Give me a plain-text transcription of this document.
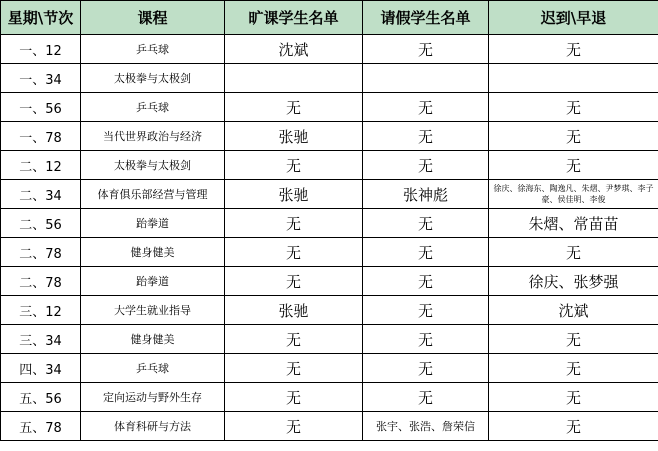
星期\节次	课程	旷课学生名单	请假学生名单	迟到\早退
一、12	乒乓球	沈斌	无	无
一、34	太极拳与太极剑			
一、56	乒乓球	无	无	无
一、78	当代世界政治与经济	张驰	无	无
二、12	太极拳与太极剑	无	无	无
二、34	体育俱乐部经营与管理	张驰	张神彪	徐庆、徐海东、陶逸凡、朱熠、尹梦琪、李子豪、侯佳明、李俊
二、56	跆拳道	无	无	朱熠、常苗苗
二、78	健身健美	无	无	无
二、78	跆拳道	无	无	徐庆、张梦强
三、12	大学生就业指导	张驰	无	沈斌
三、34	健身健美	无	无	无
四、34	乒乓球	无	无	无
五、56	定向运动与野外生存	无	无	无
五、78	体育科研与方法	无	张宇、张浩、詹荣信	无
